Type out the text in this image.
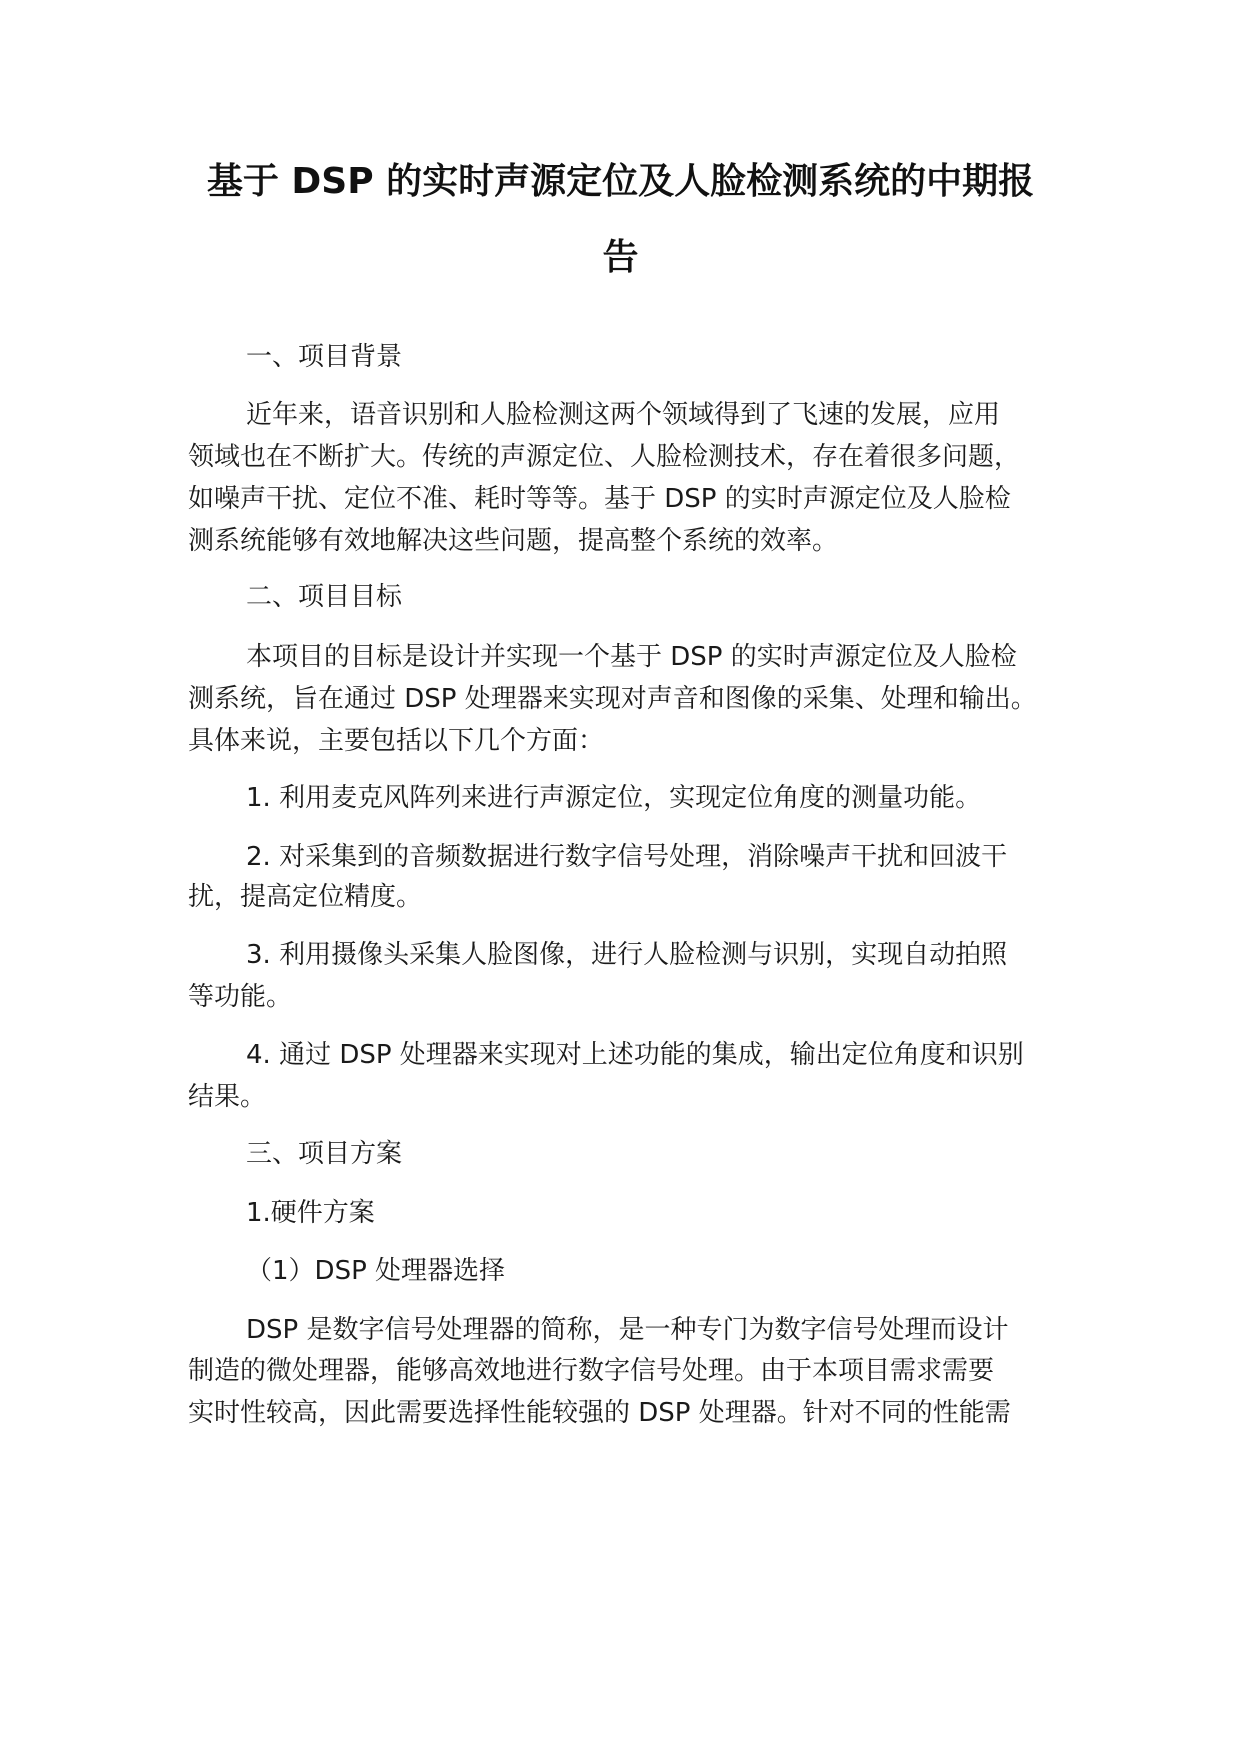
基于 DSP 的实时声源定位及人脸检测系统的中期报
告
一、项目背景
近年来，语音识别和人脸检测这两个领域得到了飞速的发展，应用
领域也在不断扩大。传统的声源定位、人脸检测技术，存在着很多问题，
如噪声干扰、定位不准、耗时等等。基于 DSP 的实时声源定位及人脸检
测系统能够有效地解决这些问题，提高整个系统的效率。
二、项目目标
本项目的目标是设计并实现一个基于 DSP 的实时声源定位及人脸检
测系统，旨在通过 DSP 处理器来实现对声音和图像的采集、处理和输出。
具体来说，主要包括以下几个方面：
1. 利用麦克风阵列来进行声源定位，实现定位角度的测量功能。
2. 对采集到的音频数据进行数字信号处理，消除噪声干扰和回波干
扰，提高定位精度。
3. 利用摄像头采集人脸图像，进行人脸检测与识别，实现自动拍照
等功能。
4. 通过 DSP 处理器来实现对上述功能的集成，输出定位角度和识别
结果。
三、项目方案
1.硬件方案
（1）DSP 处理器选择
DSP 是数字信号处理器的简称，是一种专门为数字信号处理而设计
制造的微处理器，能够高效地进行数字信号处理。由于本项目需求需要
实时性较高，因此需要选择性能较强的 DSP 处理器。针对不同的性能需
